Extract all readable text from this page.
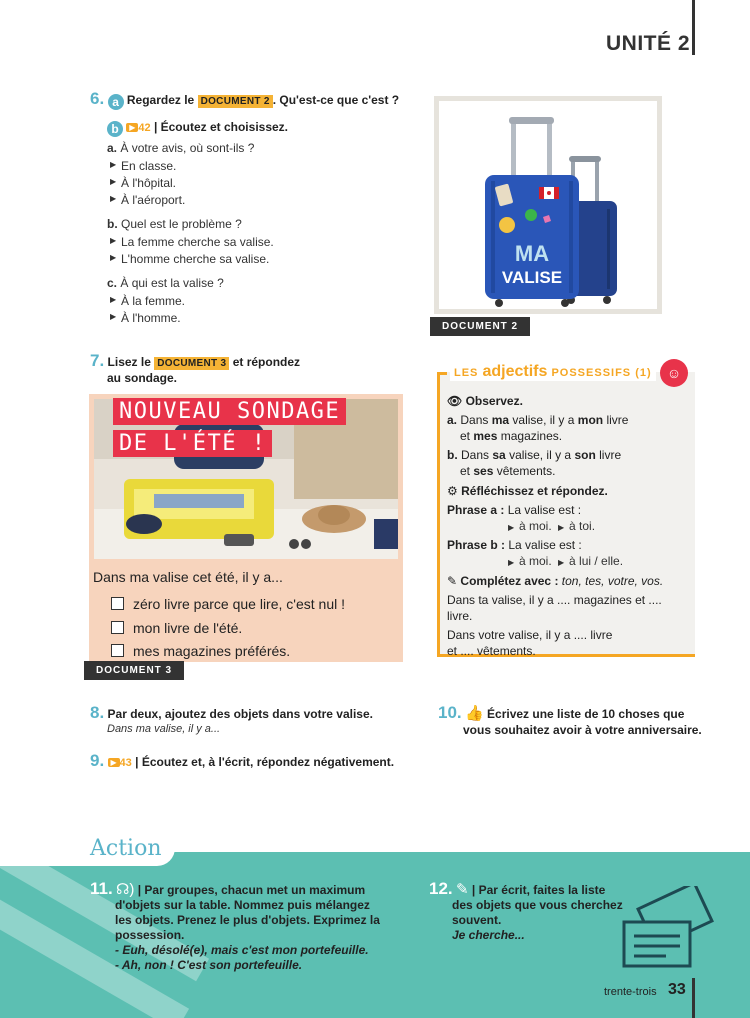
UNITÉ 2
6. a Regardez le DOCUMENT 2 . Qu'est-ce que c'est ?
b ▶ 42 | Écoutez et choisissez.
a. À votre avis, où sont-ils ?
▶ En classe.
▶ À l'hôpital.
▶ À l'aéroport.
b. Quel est le problème ?
▶ La femme cherche sa valise.
▶ L'homme cherche sa valise.
c. À qui est la valise ?
▶ À la femme.
▶ À l'homme.
MA
VALISE
DOCUMENT 2
7. Lisez le DOCUMENT 3 et répondez
au sondage.
NOUVEAU SONDAGE
DE L'ÉTÉ !
Dans ma valise cet été, il y a...
zéro livre parce que lire, c'est nul !
mon livre de l'été.
mes magazines préférés.
DOCUMENT 3
LES adjectifs POSSESSIFS (1)	☺

👁 Observez.

a. Dans ma valise, il y a mon livre

et mes magazines.

b. Dans sa valise, il y a son livre

et ses vêtements.

⚙ Réfléchissez et répondez.

Phrase a : La valise est :

▶ à moi. ▶ à toi.

Phrase b : La valise est :

▶ à moi. ▶ à lui / elle.

✎ Complétez avec : ton, tes, votre, vos.

Dans ta valise, il y a .... magazines et ....

livre.

Dans votre valise, il y a .... livre

et .... vêtements.

8. Par deux, ajoutez des objets dans votre valise.
Dans ma valise, il y a...
9. ▶ 43 | Écoutez et, à l'écrit, répondez négativement.
10. 👍 Écrivez une liste de 10 choses que
vous souhaitez avoir à votre anniversaire.
Action
11. ☊) | Par groupes, chacun met un maximum
d'objets sur la table. Nommez puis mélangez
les objets. Prenez le plus d'objets. Exprimez la
possession.
- Euh, désolé(e), mais c'est mon portefeuille.
- Ah, non ! C'est son portefeuille.
12. ✎ | Par écrit, faites la liste
des objets que vous cherchez
souvent.
Je cherche...
trente-trois 33
